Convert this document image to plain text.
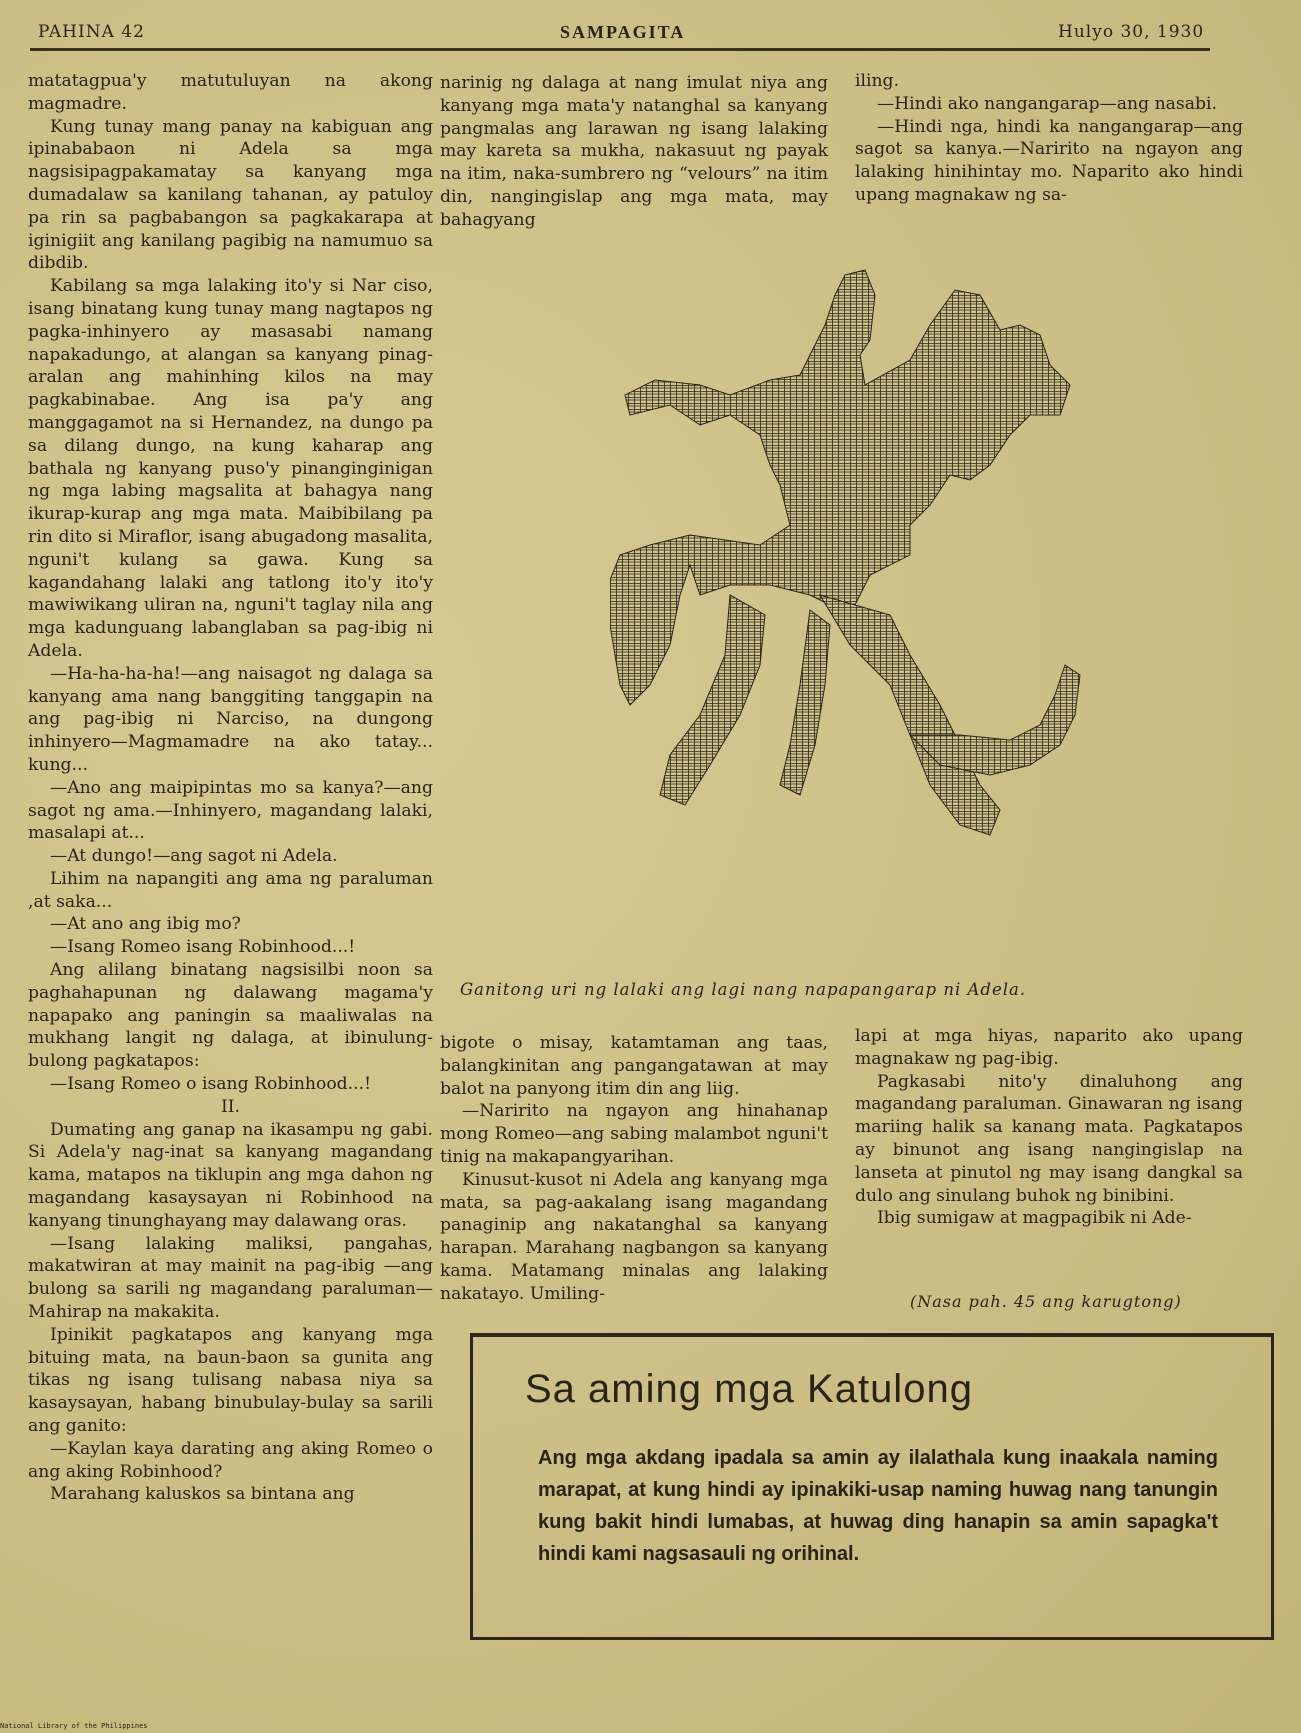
PAHINA 42	SAMPAGITA	Hulyo 30, 1930

matatagpua'y matutuluyan na akong magmadre.

Kung tunay mang panay na kabiguan ang ipinababaon ni Adela sa mga nagsisipagpakamatay sa kanyang mga dumadalaw sa kanilang tahanan, ay patuloy pa rin sa pagbabangon sa pagkakarapa at iginigiit ang kanilang pagibig na namumuo sa dibdib.

Kabilang sa mga lalaking ito'y si Nar ciso, isang binatang kung tunay mang nagtapos ng pagka-inhinyero ay masasabi namang napakadungo, at alangan sa kanyang pinag-aralan ang mahinhing kilos na may pagkabinabae. Ang isa pa'y ang manggagamot na si Hernandez, na dungo pa sa dilang dungo, na kung kaharap ang bathala ng kanyang puso'y pinanginginigan ng mga labing magsalita at bahagya nang ikurap-kurap ang mga mata. Maibibilang pa rin dito si Miraflor, isang abugadong masalita, nguni't kulang sa gawa. Kung sa kagandahang lalaki ang tatlong ito'y ito'y mawiwikang uliran na, nguni't taglay nila ang mga kadunguang labanglaban sa pag-ibig ni Adela.

—Ha-ha-ha-ha!—ang naisagot ng dalaga sa kanyang ama nang banggiting tanggapin na ang pag-ibig ni Narciso, na dungong inhinyero—Magmamadre na ako tatay... kung...

—Ano ang maipipintas mo sa kanya?—ang sagot ng ama.—Inhinyero, magandang lalaki, masalapi at...

—At dungo!—ang sagot ni Adela.

Lihim na napangiti ang ama ng paraluman ,at saka...

—At ano ang ibig mo?

—Isang Romeo isang Robinhood...!

Ang alilang binatang nagsisilbi noon sa paghahapunan ng dalawang magama'y napapako ang paningin sa maaliwalas na mukhang langit ng dalaga, at ibinulung-bulong pagkatapos:

—Isang Romeo o isang Robinhood...!

II.

Dumating ang ganap na ikasampu ng gabi. Si Adela'y nag-inat sa kanyang magandang kama, matapos na tiklupin ang mga dahon ng magandang kasaysayan ni Robinhood na kanyang tinunghayang may dalawang oras.

—Isang lalaking maliksi, pangahas, makatwiran at may mainit na pag-ibig —ang bulong sa sarili ng magandang paraluman—Mahirap na makakita.

Ipinikit pagkatapos ang kanyang mga bituing mata, na baun-baon sa gunita ang tikas ng isang tulisang nabasa niya sa kasaysayan, habang binubulay-bulay sa sarili ang ganito:

—Kaylan kaya darating ang aking Romeo o ang aking Robinhood?

Marahang kaluskos sa bintana ang

narinig ng dalaga at nang imulat niya ang kanyang mga mata'y natanghal sa kanyang pangmalas ang larawan ng isang lalaking may kareta sa mukha, nakasuut ng payak na itim, naka-sumbrero ng “velours” na itim din, nangingislap ang mga mata, may bahagyang

iling.

—Hindi ako nangangarap—ang nasabi.

—Hindi nga, hindi ka nangangarap—ang sagot sa kanya.—Naririto na ngayon ang lalaking hinihintay mo. Naparito ako hindi upang magnakaw ng sa-

Ganitong uri ng lalaki ang lagi nang napapangarap ni Adela.

bigote o misay, katamtaman ang taas, balangkinitan ang pangangatawan at may balot na panyong itim din ang liig.

—Naririto na ngayon ang hinahanap mong Romeo—ang sabing malambot nguni't tinig na makapangyarihan.

Kinusut-kusot ni Adela ang kanyang mga mata, sa pag-aakalang isang magandang panaginip ang nakatanghal sa kanyang harapan. Marahang nagbangon sa kanyang kama. Matamang minalas ang lalaking nakatayo. Umiling-

lapi at mga hiyas, naparito ako upang magnakaw ng pag-ibig.

Pagkasabi nito'y dinaluhong ang magandang paraluman. Ginawaran ng isang mariing halik sa kanang mata. Pagkatapos ay binunot ang isang nangingislap na lanseta at pinutol ng may isang dangkal sa dulo ang sinulang buhok ng binibini.

Ibig sumigaw at magpagibik ni Ade-

(Nasa pah. 45 ang karugtong)
Sa aming mga Katulong
Ang mga akdang ipadala sa amin ay ilalathala kung inaakala naming marapat, at kung hindi ay ipinakiki-usap naming huwag nang tanungin kung bakit hindi lumabas, at huwag ding hanapin sa amin sapagka't hindi kami nagsasauli ng orihinal.
National Library of the Philippines
